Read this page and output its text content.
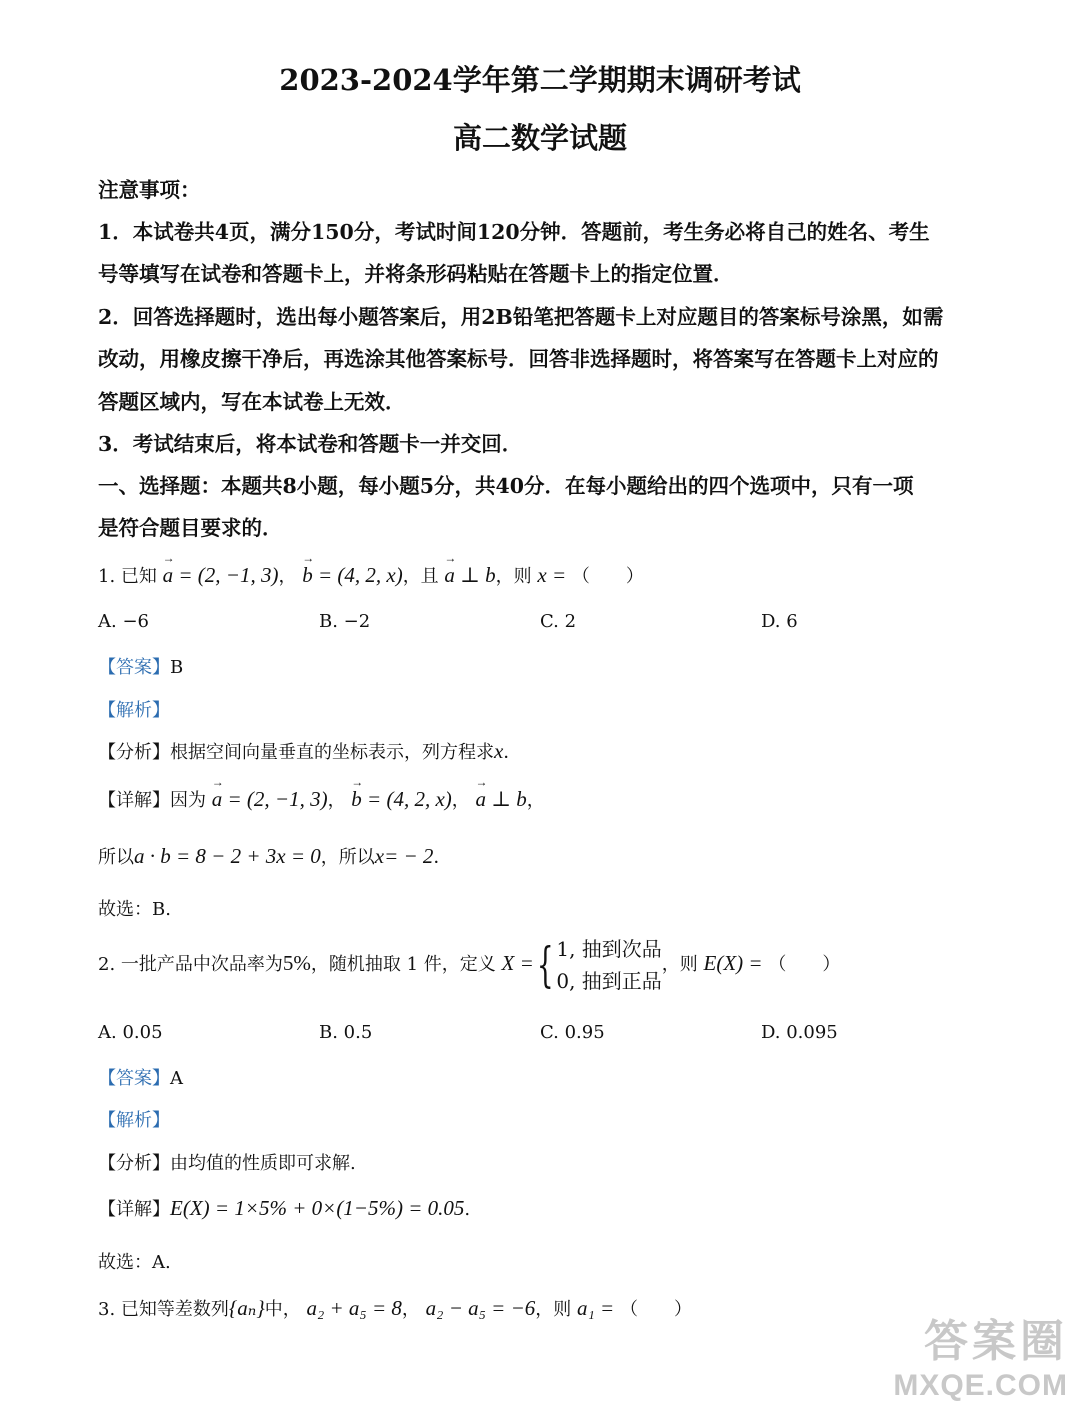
2023-2024学年第二学期期末调研考试
高二数学试题
注意事项：
1．本试卷共4页，满分150分，考试时间120分钟．答题前，考生务必将自己的姓名、考生
号等填写在试卷和答题卡上，并将条形码粘贴在答题卡上的指定位置．
2．回答选择题时，选出每小题答案后，用2B铅笔把答题卡上对应题目的答案标号涂黑，如需
改动，用橡皮擦干净后，再选涂其他答案标号．回答非选择题时，将答案写在答题卡上对应的
答题区域内，写在本试卷上无效．
3．考试结束后，将本试卷和答题卡一并交回．
一、选择题：本题共8小题，每小题5分，共40分．在每小题给出的四个选项中，只有一项
是符合题目要求的．
1. 已知 → a = (2, −1, 3)， → b = (4, 2, x)，且 → a ⊥ b，则 x = （　　）
A. −6	B. −2	C. 2	D. 6
【答案】B
【解析】
【分析】根据空间向量垂直的坐标表示，列方程求x．
【详解】因为 → a = (2, −1, 3)， → b = (4, 2, x)， → a ⊥ b，
所以a · b = 8 − 2 + 3x = 0，所以x= − 2．
故选：B.
2. 一批产品中次品率为5%，随机抽取 1 件，定义 X ={ 1, 抽到次品
0, 抽到正品
，则 E(X) = （　　）
A. 0.05	B. 0.5	C. 0.95	D. 0.095
【答案】A
【解析】
【分析】由均值的性质即可求解.
【详解】E(X) = 1×5% + 0×(1−5%) = 0.05.
故选：A.
3. 已知等差数列{aₙ}中， a₂ + a₅ = 8， a₂ − a₅ = −6，则 a₁ = （　　）
答案圈
MXQE.COM
